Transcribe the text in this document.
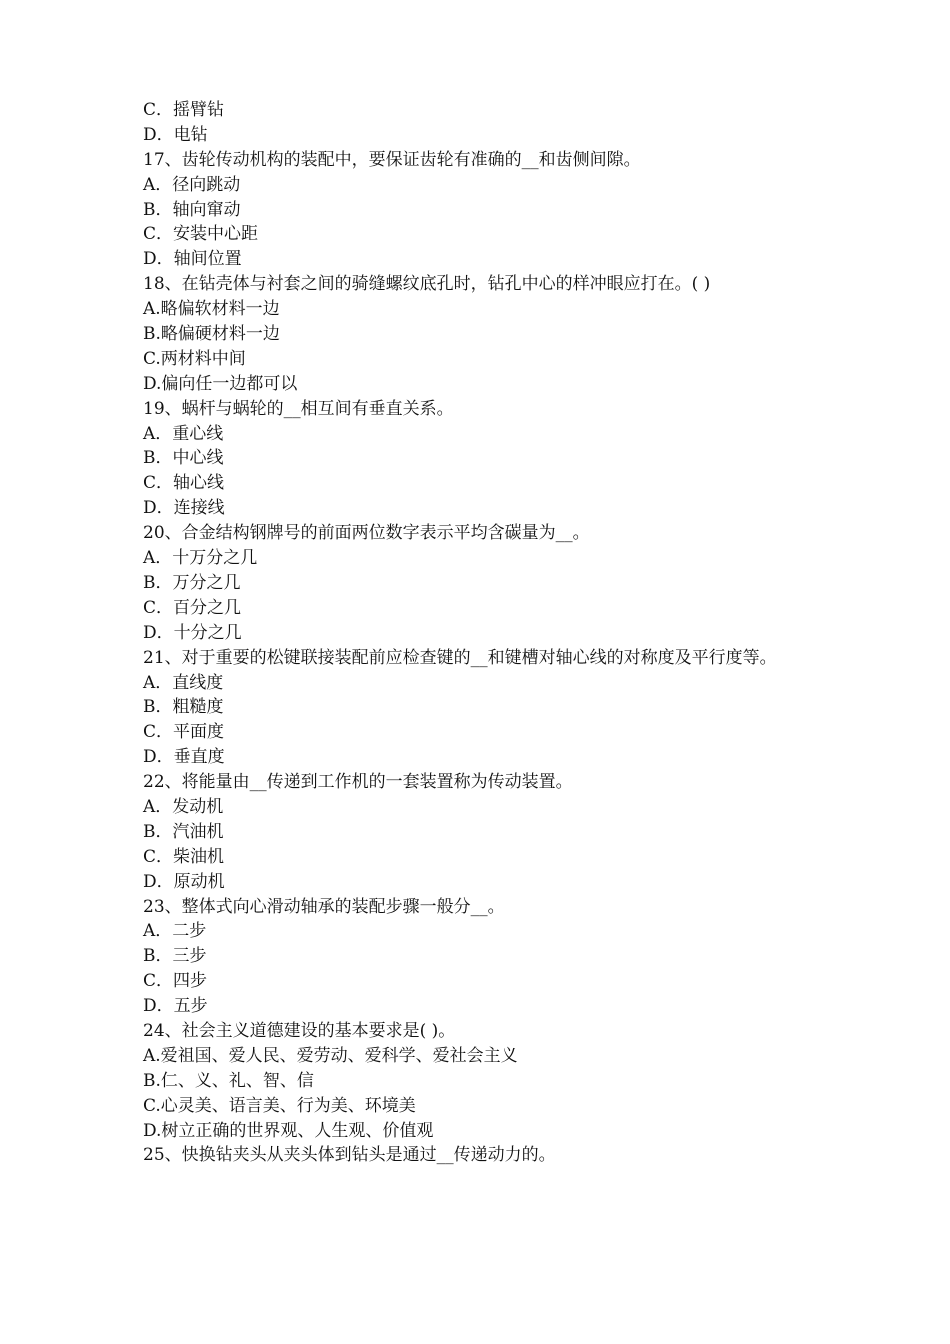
C．摇臂钻
D．电钻
17、齿轮传动机构的装配中，要保证齿轮有准确的__和齿侧间隙。
A．径向跳动
B．轴向窜动
C．安装中心距
D．轴间位置
18、在钻壳体与衬套之间的骑缝螺纹底孔时，钻孔中心的样冲眼应打在。( )
A.略偏软材料一边
B.略偏硬材料一边
C.两材料中间
D.偏向任一边都可以
19、蜗杆与蜗轮的__相互间有垂直关系。
A．重心线
B．中心线
C．轴心线
D．连接线
20、合金结构钢牌号的前面两位数字表示平均含碳量为__。
A．十万分之几
B．万分之几
C．百分之几
D．十分之几
21、对于重要的松键联接装配前应检查键的__和键槽对轴心线的对称度及平行度等。
A．直线度
B．粗糙度
C．平面度
D．垂直度
22、将能量由__传递到工作机的一套装置称为传动装置。
A．发动机
B．汽油机
C．柴油机
D．原动机
23、整体式向心滑动轴承的装配步骤一般分__。
A．二步
B．三步
C．四步
D．五步
24、社会主义道德建设的基本要求是( )。
A.爱祖国、爱人民、爱劳动、爱科学、爱社会主义
B.仁、义、礼、智、信
C.心灵美、语言美、行为美、环境美
D.树立正确的世界观、人生观、价值观
25、快换钻夹头从夹头体到钻头是通过__传递动力的。
